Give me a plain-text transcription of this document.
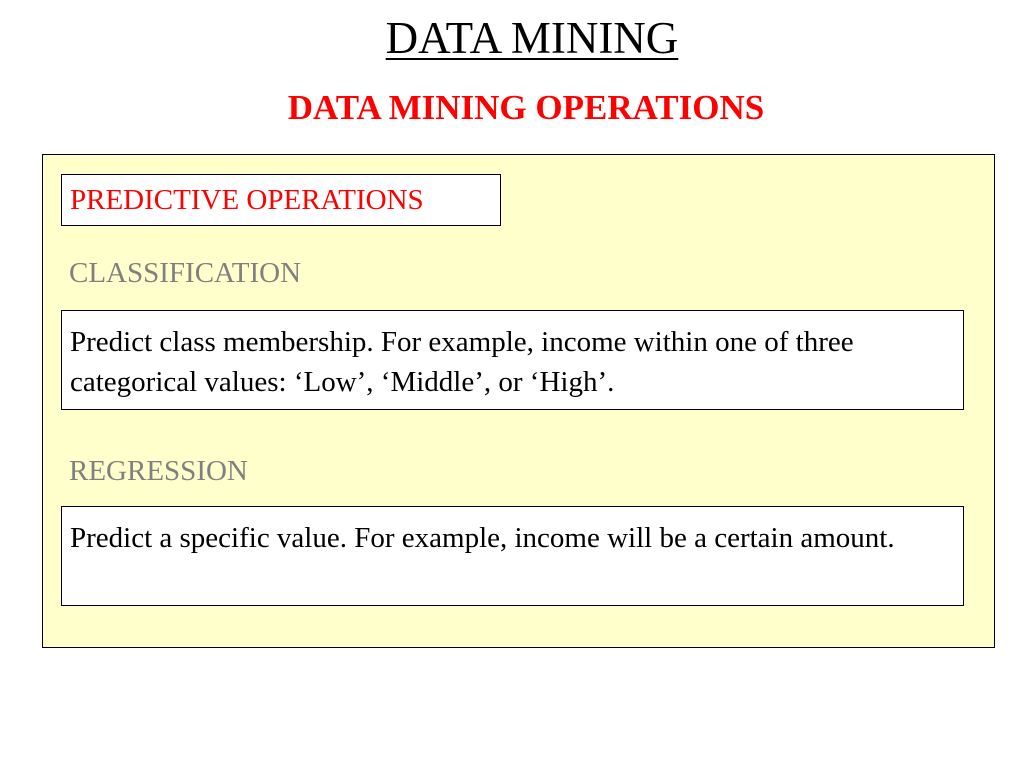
DATA MINING
DATA MINING OPERATIONS
PREDICTIVE OPERATIONS
CLASSIFICATION
Predict class membership. For example, income within one of three categorical values: ‘Low’, ‘Middle’, or ‘High’.
REGRESSION
Predict a specific value. For example, income will be a certain amount.
